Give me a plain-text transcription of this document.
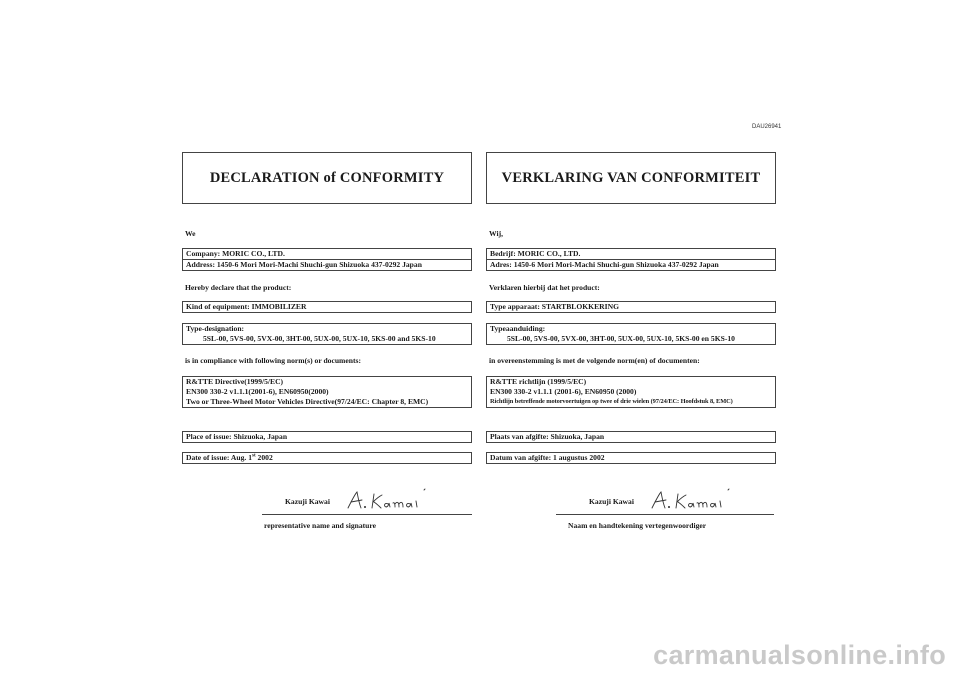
DAU26941
DECLARATION of CONFORMITY
We
Company: MORIC CO., LTD.
Address: 1450-6 Mori Mori-Machi Shuchi-gun Shizuoka 437-0292 Japan
Hereby declare that the product:
Kind of equipment: IMMOBILIZER
Type-designation:
5SL-00, 5VS-00, 5VX-00, 3HT-00, 5UX-00, 5UX-10, 5KS-00 and 5KS-10
is in compliance with following norm(s) or documents:
R&TTE Directive(1999/5/EC)
EN300 330-2 v1.1.1(2001-6), EN60950(2000)
Two or Three-Wheel Motor Vehicles Directive(97/24/EC: Chapter 8, EMC)
Place of issue: Shizuoka, Japan
Date of issue: Aug. 1st 2002
Kazuji Kawai
representative name and signature
VERKLARING VAN CONFORMITEIT
Wij,
Bedrijf: MORIC CO., LTD.
Adres: 1450-6 Mori Mori-Machi Shuchi-gun Shizuoka 437-0292 Japan
Verklaren hierbij dat het product:
Type apparaat: STARTBLOKKERING
Typeaanduiding:
5SL-00, 5VS-00, 5VX-00, 3HT-00, 5UX-00, 5UX-10, 5KS-00 en 5KS-10
in overeenstemming is met de volgende norm(en) of documenten:
R&TTE richtlijn (1999/5/EC)
EN300 330-2 v1.1.1 (2001-6), EN60950 (2000)
Richtlijn betreffende motorvoertuigen op twee of drie wielen (97/24/EC: Hoofdstuk 8, EMC)
Plaats van afgifte: Shizuoka, Japan
Datum van afgifte: 1 augustus 2002
Kazuji Kawai
Naam en handtekening vertegenwoordiger
carmanualsonline.info
